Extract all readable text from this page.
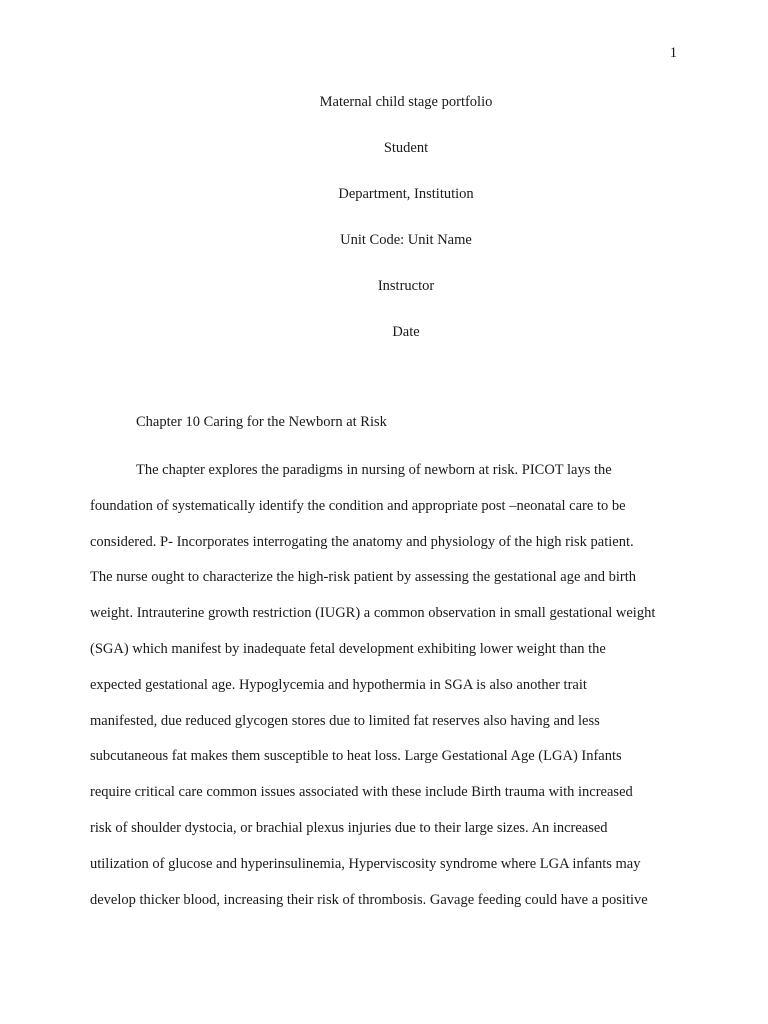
1
Maternal child stage portfolio
Student
Department, Institution
Unit Code: Unit Name
Instructor
Date
Chapter 10 Caring for the Newborn at Risk
The chapter explores the paradigms in nursing of newborn at risk. PICOT lays the
foundation of systematically identify the condition and appropriate post –neonatal care to be
considered. P- Incorporates interrogating the anatomy and physiology of the high risk patient.
The nurse ought to characterize the high-risk patient by assessing the gestational age and birth
weight. Intrauterine growth restriction (IUGR) a common observation in small gestational weight
(SGA) which manifest by inadequate fetal development exhibiting lower weight than the
expected gestational age. Hypoglycemia and hypothermia in SGA is also another trait
manifested, due reduced glycogen stores due to limited fat reserves also having and less
subcutaneous fat makes them susceptible to heat loss. Large Gestational Age (LGA) Infants
require critical care common issues associated with these include Birth trauma with increased
risk of shoulder dystocia, or brachial plexus injuries due to their large sizes. An increased
utilization of glucose and hyperinsulinemia, Hyperviscosity syndrome where LGA infants may
develop thicker blood, increasing their risk of thrombosis. Gavage feeding could have a positive
